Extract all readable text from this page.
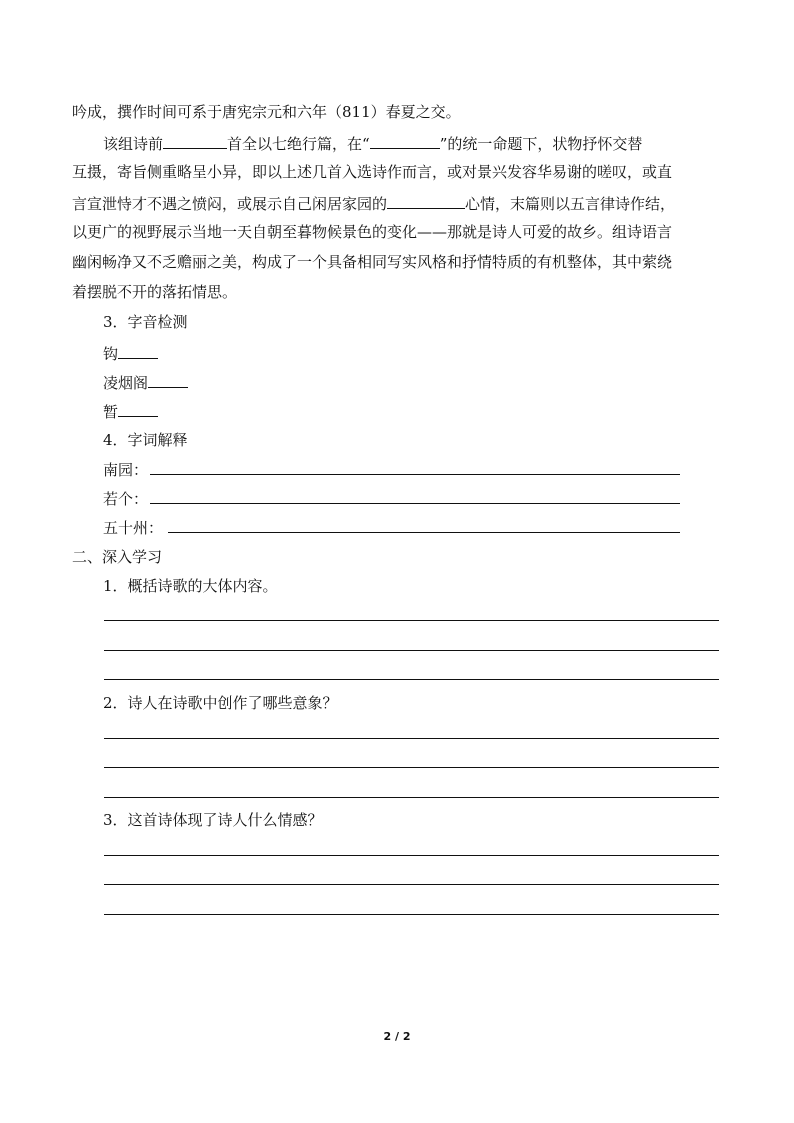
吟成，撰作时间可系于唐宪宗元和六年（811）春夏之交。
该组诗前	首全以七绝行篇，在“	”的统一命题下，状物抒怀交替
互摄，寄旨侧重略呈小异，即以上述几首入选诗作而言，或对景兴发容华易谢的嗟叹，或直
言宣泄恃才不遇之愤闷，或展示自己闲居家园的	心情，末篇则以五言律诗作结，
以更广的视野展示当地一天自朝至暮物候景色的变化——那就是诗人可爱的故乡。组诗语言
幽闲畅净又不乏赡丽之美，构成了一个具备相同写实风格和抒情特质的有机整体，其中萦绕
着摆脱不开的落拓情思。
3．字音检测
钩
凌烟阁
暂
4．字词解释
南园：
若个：
五十州：
二、深入学习
1．概括诗歌的大体内容。
2．诗人在诗歌中创作了哪些意象？
3．这首诗体现了诗人什么情感？
2 / 2
